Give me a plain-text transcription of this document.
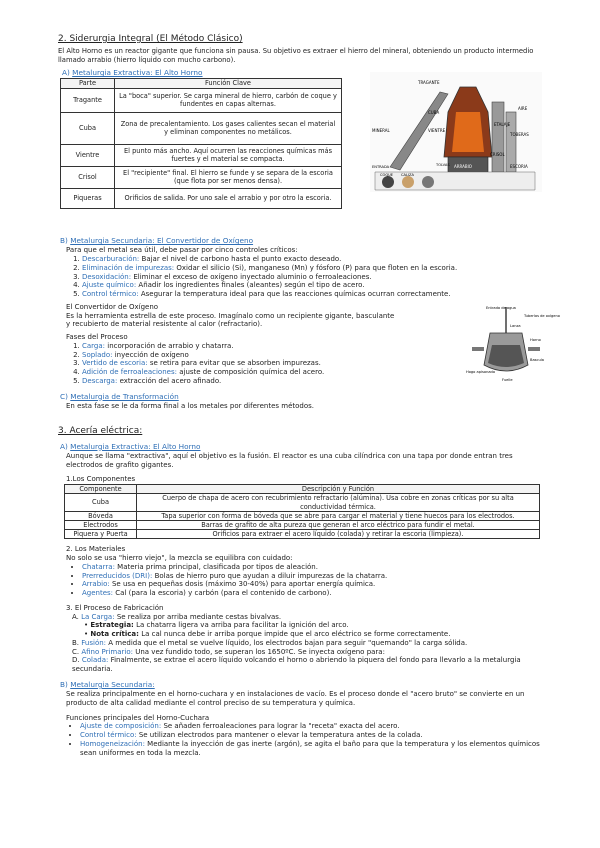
2. Siderurgia Integral (El Método Clásico)

El Alto Horno es un reactor gigante que funciona sin pausa. Su objetivo es extraer el hierro del mineral, obteniendo un producto intermedio llamado arrabio (hierro líquido con mucho carbono).

A) Metalurgia Extractiva: El Alto Horno
Parte	Función Clave
Tragante	La "boca" superior. Se carga mineral de hierro, carbón de coque y fundentes en capas alternas.
Cuba	Zona de precalentamiento. Los gases calientes secan el material y eliminan componentes no metálicos.
Vientre	El punto más ancho. Aquí ocurren las reacciones químicas más fuertes y el material se compacta.
Crisol	El "recipiente" final. El hierro se funde y se separa de la escoria (que flota por ser menos densa).
Piqueras	Orificios de salida. Por uno sale el arrabio y por otro la escoria.
TRAGANTE
CUBA
VIENTRE
CRISOL
ETALAJE
TOBERAS
AIRE
MINERAL
COQUE CALIZA
ARRABIO	ESCORIA
TOLVAS
ENTRADA
B) Metalurgia Secundaria: El Convertidor de Oxígeno

Para que el metal sea útil, debe pasar por cinco controles críticos:

1. Descarburación: Bajar el nivel de carbono hasta el punto exacto deseado.
2. Eliminación de impurezas: Oxidar el silicio (Si), manganeso (Mn) y fósforo (P) para que floten en la escoria.
3. Desoxidación: Eliminar el exceso de oxígeno inyectado aluminio o ferroaleaciones.
4. Ajuste químico: Añadir los ingredientes finales (aleantes) según el tipo de acero.
5. Control térmico: Asegurar la temperatura ideal para que las reacciones químicas ocurran correctamente.

El Convertidor de Oxígeno

Es la herramienta estrella de este proceso. Imagínalo como un recipiente gigante, basculante y recubierto de material resistente al calor (refractario).

Fases del Proceso

1. Carga: incorporación de arrabio y chatarra.
2. Soplado: inyección de oxígeno
3. Vertido de escoria: se retira para evitar que se absorben impurezas.
4. Adición de ferroaleaciones: ajuste de composición química del acero.
5. Descarga: extracción del acero afinado.
Entrada de agua
Tuberías de oxígeno
Horno
Lanza
Bascula
Hogo apisonado
Fuelle
C) Metalurgia de Transformación

En esta fase se le da forma final a los metales por diferentes métodos.

3. Acería eléctrica:
A) Metalurgia Extractiva: El Alto Horno

Aunque se llama "extractiva", aquí el objetivo es la fusión. El reactor es una cuba cilíndrica con una tapa por donde entran tres electrodos de grafito gigantes.

1.Los Componentes

Componente	Descripción y Función
Cuba	Cuerpo de chapa de acero con recubrimiento refractario (alúmina). Usa cobre en zonas críticas por su alta conductividad térmica.
Bóveda	Tapa superior con forma de bóveda que se abre para cargar el material y tiene huecos para los electrodos.
Electrodos	Barras de grafito de alta pureza que generan el arco eléctrico para fundir el metal.
Piquera y Puerta	Orificios para extraer el acero líquido (colada) y retirar la escoria (limpieza).

2. Los Materiales

No solo se usa "hierro viejo", la mezcla se equilibra con cuidado:

• Chatarra: Materia prima principal, clasificada por tipos de aleación.
• Prerreducidos (DRI): Bolas de hierro puro que ayudan a diluir impurezas de la chatarra.
• Arrabio: Se usa en pequeñas dosis (máximo 30-40%) para aportar energía química.
• Agentes: Cal (para la escoria) y carbón (para el contenido de carbono).

3. El Proceso de Fabricación

A. La Carga: Se realiza por arriba mediante cestas bivalvas.

• Estrategia: La chatarra ligera va arriba para facilitar la ignición del arco.

• Nota crítica: La cal nunca debe ir arriba porque impide que el arco eléctrico se forme correctamente.

B. Fusión: A medida que el metal se vuelve líquido, los electrodos bajan para seguir "quemando" la carga sólida.

C. Afino Primario: Una vez fundido todo, se superan los 1650ºC. Se inyecta oxígeno para:

D. Colada: Finalmente, se extrae el acero líquido volcando el horno o abriendo la piquera del fondo para llevarlo a la metalurgia secundaria.

B) Metalurgia Secundaria:

Se realiza principalmente en el horno-cuchara y en instalaciones de vacío. Es el proceso donde el "acero bruto" se convierte en un producto de alta calidad mediante el control preciso de su temperatura y química.

Funciones principales del Horno-Cuchara

• Ajuste de composición: Se añaden ferroaleaciones para lograr la "receta" exacta del acero.
• Control térmico: Se utilizan electrodos para mantener o elevar la temperatura antes de la colada.
• Homogeneización: Mediante la inyección de gas inerte (argón), se agita el baño para que la temperatura y los elementos químicos sean uniformes en toda la mezcla.
